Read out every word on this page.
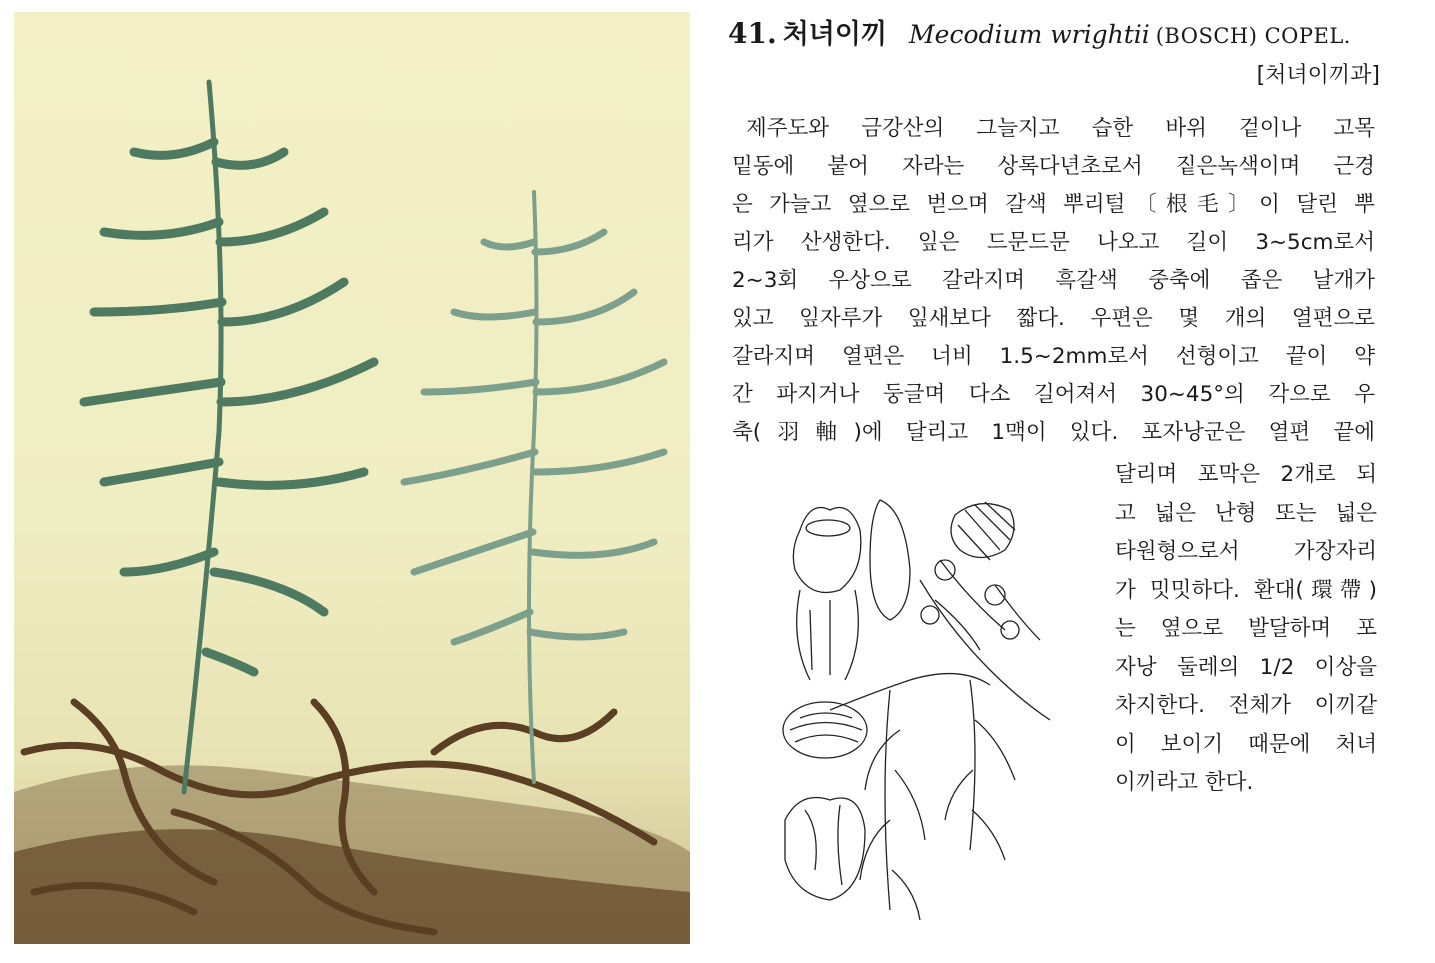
41. 처녀이끼 Mecodium wrightii (BOSCH) COPEL.
[처녀이끼과]
제주도와 금강산의 그늘지고 습한 바위 겉이나 고목
밑동에 붙어 자라는 상록다년초로서 짙은녹색이며 근경
은 가늘고 옆으로 벋으며 갈색 뿌리털〔根毛〕이 달린 뿌
리가 산생한다. 잎은 드문드문 나오고 길이 3~5cm로서
2~3회 우상으로 갈라지며 흑갈색 중축에 좁은 날개가
있고 잎자루가 잎새보다 짧다. 우편은 몇 개의 열편으로
갈라지며 열편은 너비 1.5~2mm로서 선형이고 끝이 약
간 파지거나 둥글며 다소 길어져서 30~45°의 각으로 우
축(羽軸)에 달리고 1맥이 있다. 포자낭군은 열편 끝에
달리며 포막은 2개로 되
고 넓은 난형 또는 넓은
타원형으로서 가장자리
가 밋밋하다. 환대(環帶)
는 옆으로 발달하며 포
자낭 둘레의 1/2 이상을
차지한다. 전체가 이끼같
이 보이기 때문에 처녀
이끼라고 한다.
